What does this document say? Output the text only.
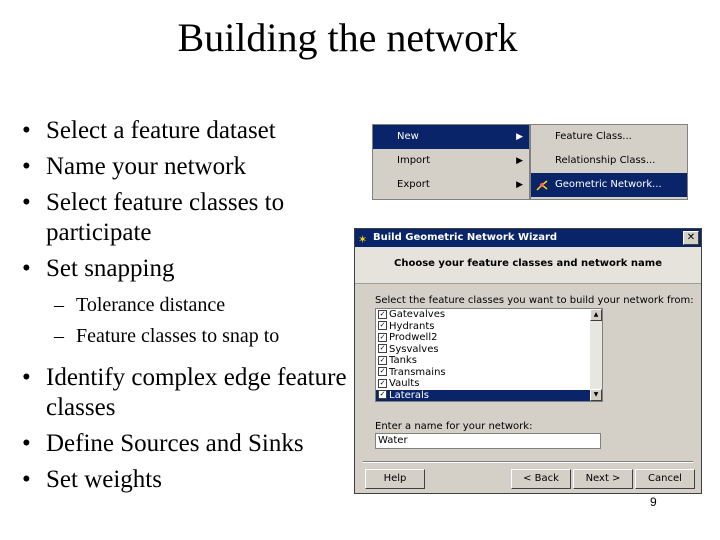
Building the network
• Select a feature dataset
• Name your network
• Select feature classes to participate
• Set snapping
– Tolerance distance
– Feature classes to snap to
• Identify complex edge feature classes
• Define Sources and Sinks
• Set weights
New	▶
Import	▶
Export	▶
Feature Class...
Relationship Class...
Geometric Network...
✶ Build Geometric Network Wizard	✕
Choose your feature classes and network name
Select the feature classes you want to build your network from:
✓ Gatevalves
✓ Hydrants
✓ Prodwell2
✓ Sysvalves
✓ Tanks
✓ Transmains
✓ Vaults
✓ Laterals
▲
▼
Enter a name for your network:
Water
Help	< Back	Next >	Cancel
9
